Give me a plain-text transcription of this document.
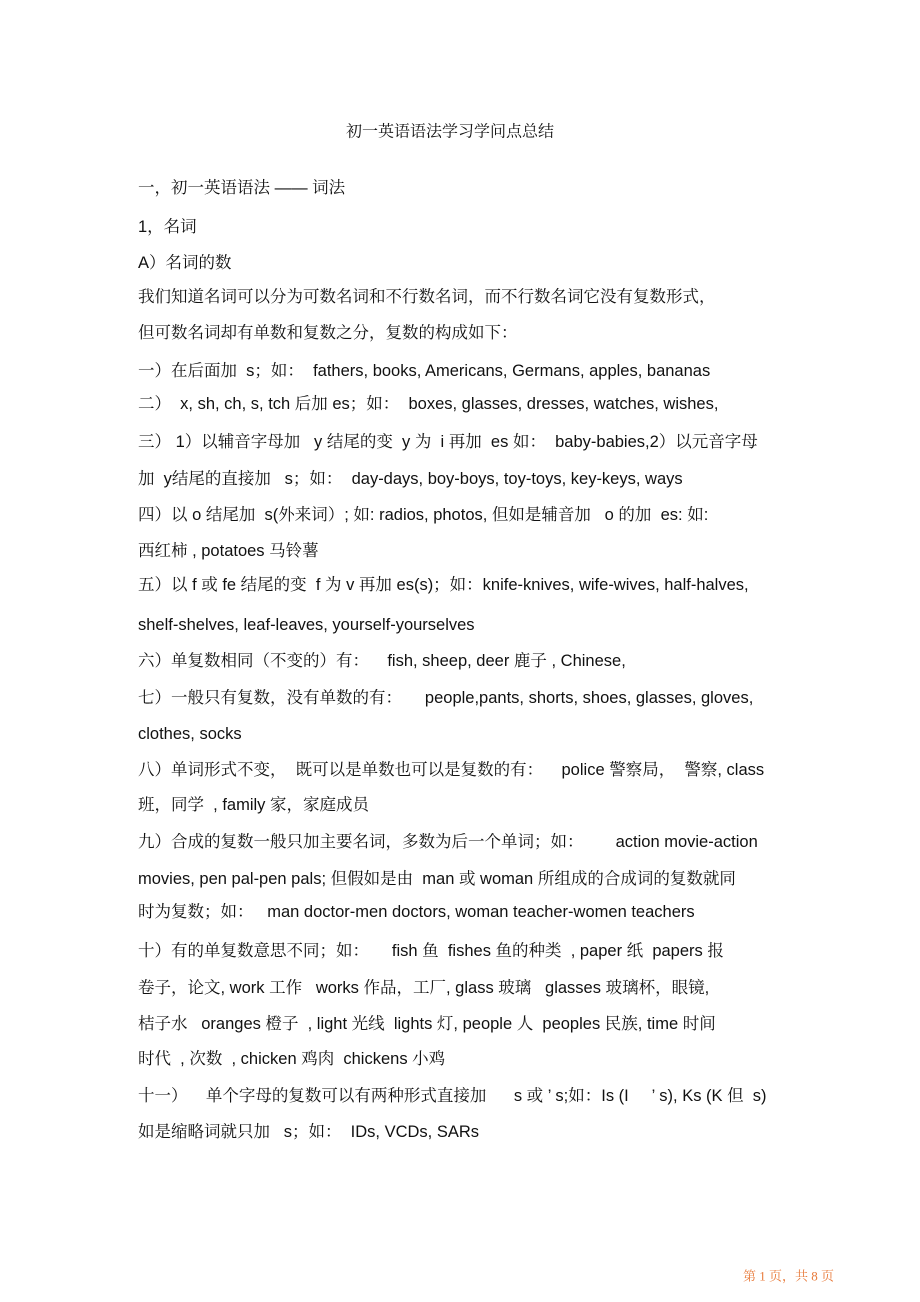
初一英语语法学习学问点总结
一，初一英语语法 —— 词法
1，名词
A）名词的数
我们知道名词可以分为可数名词和不行数名词，而不行数名词它没有复数形式，
但可数名词却有单数和复数之分，复数的构成如下：
一）在后面加  s；如：  fathers, books, Americans, Germans, apples, bananas
二）  x, sh, ch, s, tch 后加 es；如：  boxes, glasses, dresses, watches, wishes,
三） 1）以辅音字母加   y 结尾的变  y 为  i 再加  es 如：  baby-babies,2）以元音字母
加  y结尾的直接加   s；如：  day-days, boy-boys, toy-toys, key-keys, ways
四）以 o 结尾加  s(外来词）; 如: radios, photos, 但如是辅音加   o 的加  es: 如:
西红柿 , potatoes 马铃薯
五）以 f 或 fe 结尾的变  f 为 v 再加 es(s)；如：knife-knives, wife-wives, half-halves,
shelf-shelves, leaf-leaves, yourself-yourselves
六）单复数相同（不变的）有：    fish, sheep, deer 鹿子 , Chinese,
七）一般只有复数，没有单数的有：     people,pants, shorts, shoes, glasses, gloves,
clothes, socks
八）单词形式不变，  既可以是单数也可以是复数的有：    police 警察局，  警察, class
班，同学  , family 家，家庭成员
九）合成的复数一般只加主要名词，多数为后一个单词；如：       action movie-action
movies, pen pal-pen pals; 但假如是由  man 或 woman 所组成的合成词的复数就同
时为复数；如：   man doctor-men doctors, woman teacher-women teachers
十）有的单复数意思不同；如：     fish 鱼  fishes 鱼的种类  , paper 纸  papers 报
卷子，论文, work 工作   works 作品，工厂, glass 玻璃   glasses 玻璃杯，眼镜,
桔子水   oranges 橙子  , light 光线  lights 灯, people 人  peoples 民族, time 时间
时代  , 次数  , chicken 鸡肉  chickens 小鸡
十一）    单个字母的复数可以有两种形式直接加      s 或 ’ s;如：Is (I     ’ s), Ks (K 但  s)
如是缩略词就只加   s；如：  IDs, VCDs, SARs
第 1 页，共 8 页
